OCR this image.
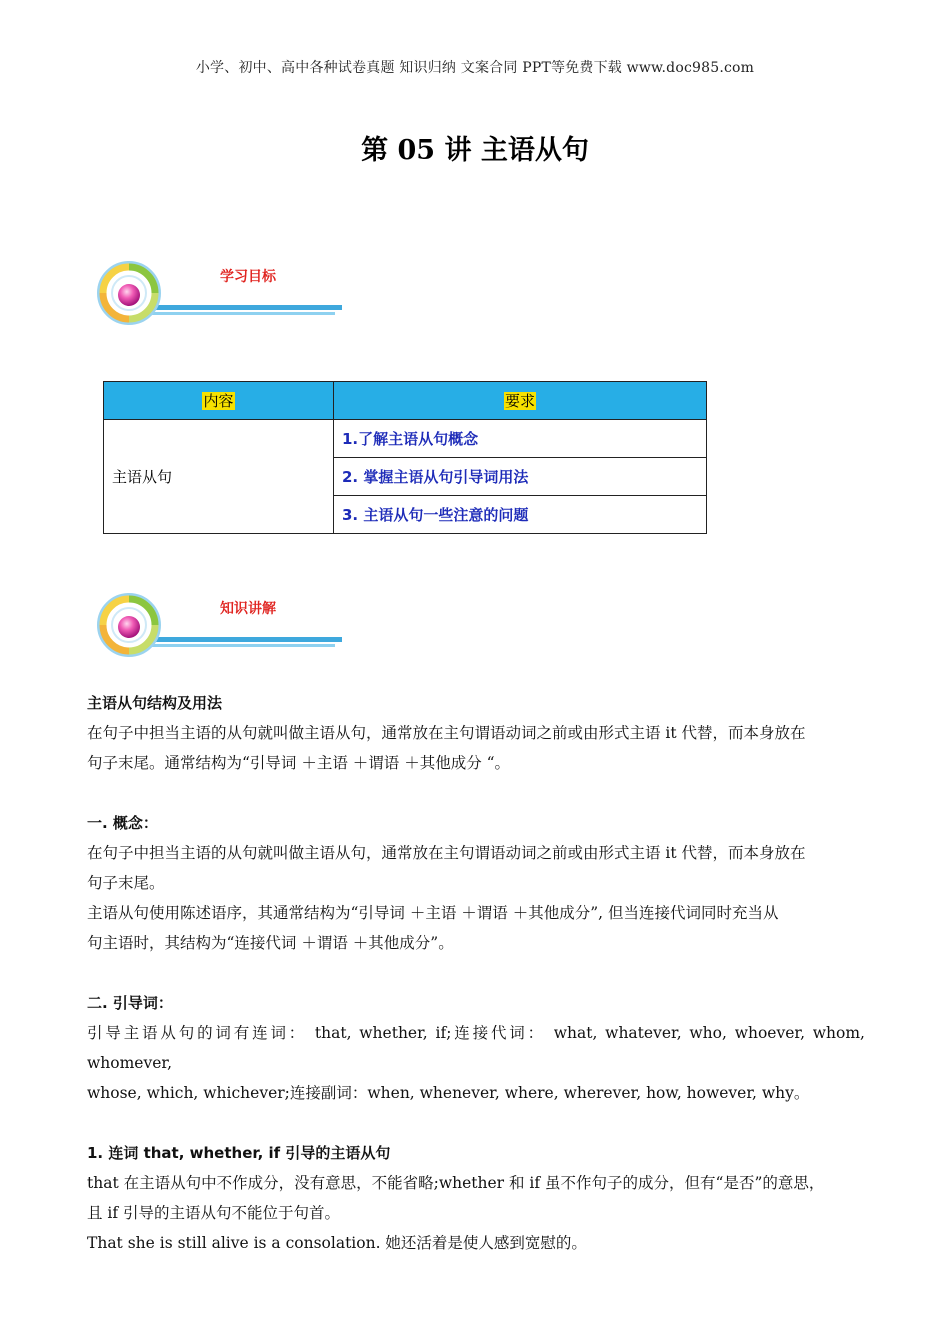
小学、初中、高中各种试卷真题 知识归纳 文案合同 PPT等免费下载 www.doc985.com
第 05 讲 主语从句
学习目标
内容	要求
主语从句	1.了解主语从句概念
	2. 掌握主语从句引导词用法
	3. 主语从句一些注意的问题
知识讲解

主语从句结构及用法

在句子中担当主语的从句就叫做主语从句，通常放在主句谓语动词之前或由形式主语 it 代替，而本身放在

句子末尾。通常结构为“引导词 ＋主语 ＋谓语 ＋其他成分 “。

一. 概念：

在句子中担当主语的从句就叫做主语从句，通常放在主句谓语动词之前或由形式主语 it 代替，而本身放在

句子末尾。

主语从句使用陈述语序，其通常结构为“引导词 ＋主语 ＋谓语 ＋其他成分”, 但当连接代词同时充当从

句主语时，其结构为“连接代词 ＋谓语 ＋其他成分”。

二. 引导词：

引导主语从句的词有连词： that, whether, if;连接代词： what, whatever, who, whoever, whom, whomever,

whose, which, whichever;连接副词：when, whenever, where, wherever, how, however, why。

1. 连词 that, whether, if 引导的主语从句

that 在主语从句中不作成分，没有意思，不能省略;whether 和 if 虽不作句子的成分，但有“是否”的意思，

且 if 引导的主语从句不能位于句首。

That she is still alive is a consolation. 她还活着是使人感到宽慰的。
